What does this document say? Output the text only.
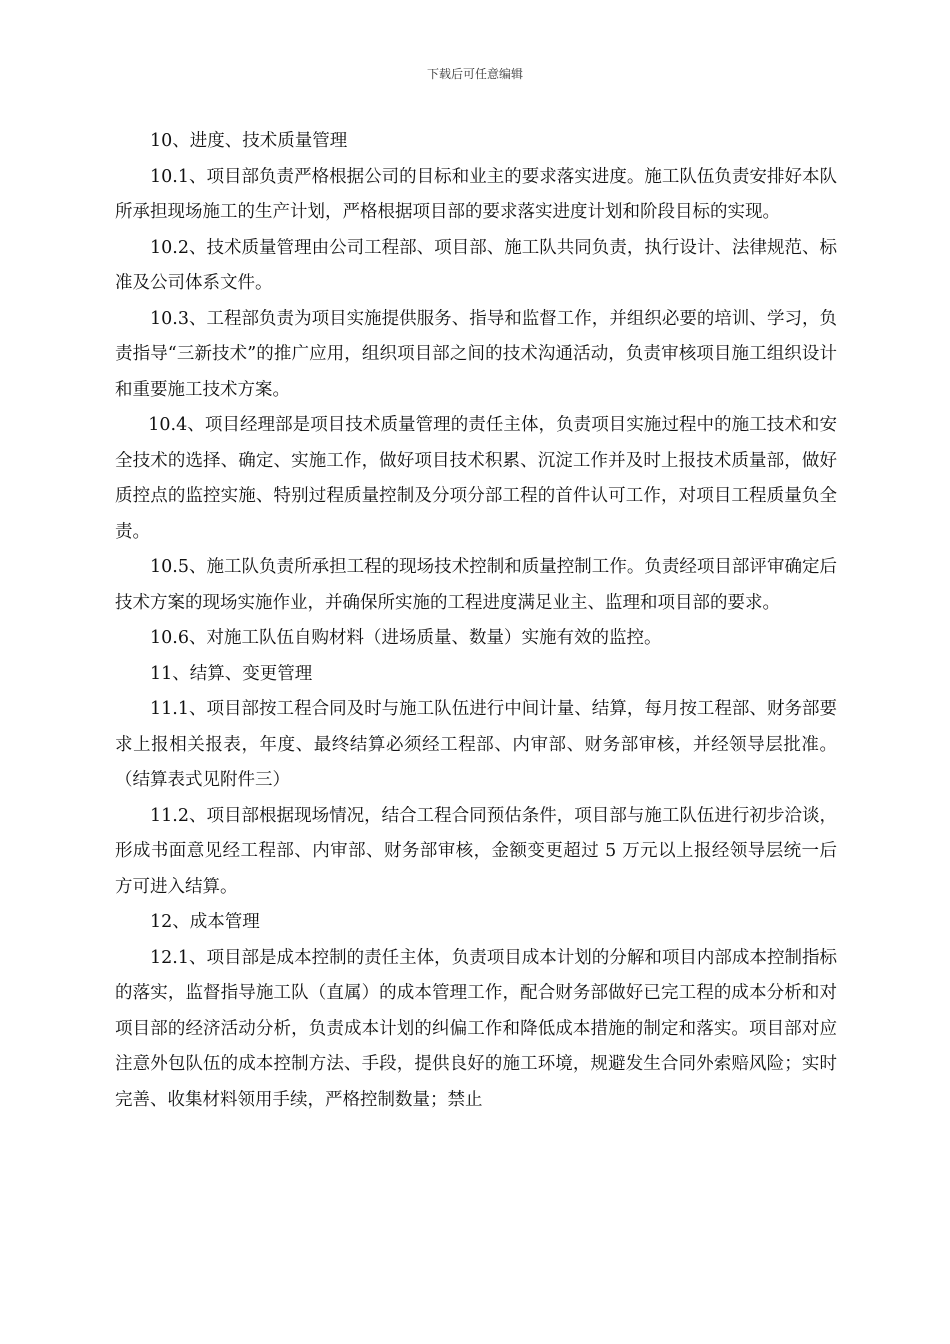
下载后可任意编辑

10、进度、技术质量管理

10.1、项目部负责严格根据公司的目标和业主的要求落实进度。施工队伍负责安排好本队所承担现场施工的生产计划，严格根据项目部的要求落实进度计划和阶段目标的实现。

10.2、技术质量管理由公司工程部、项目部、施工队共同负责，执行设计、法律规范、标准及公司体系文件。

10.3、工程部负责为项目实施提供服务、指导和监督工作，并组织必要的培训、学习，负责指导“三新技术”的推广应用，组织项目部之间的技术沟通活动，负责审核项目施工组织设计和重要施工技术方案。

10.4、项目经理部是项目技术质量管理的责任主体，负责项目实施过程中的施工技术和安全技术的选择、确定、实施工作，做好项目技术积累、沉淀工作并及时上报技术质量部，做好质控点的监控实施、特别过程质量控制及分项分部工程的首件认可工作，对项目工程质量负全责。

10.5、施工队负责所承担工程的现场技术控制和质量控制工作。负责经项目部评审确定后技术方案的现场实施作业，并确保所实施的工程进度满足业主、监理和项目部的要求。

10.6、对施工队伍自购材料（进场质量、数量）实施有效的监控。

11、结算、变更管理

11.1、项目部按工程合同及时与施工队伍进行中间计量、结算，每月按工程部、财务部要求上报相关报表，年度、最终结算必须经工程部、内审部、财务部审核，并经领导层批准。（结算表式见附件三）

11.2、项目部根据现场情况，结合工程合同预估条件，项目部与施工队伍进行初步洽谈，形成书面意见经工程部、内审部、财务部审核，金额变更超过 5 万元以上报经领导层统一后方可进入结算。

12、成本管理

12.1、项目部是成本控制的责任主体，负责项目成本计划的分解和项目内部成本控制指标的落实，监督指导施工队（直属）的成本管理工作，配合财务部做好已完工程的成本分析和对项目部的经济活动分析，负责成本计划的纠偏工作和降低成本措施的制定和落实。项目部对应注意外包队伍的成本控制方法、手段，提供良好的施工环境，规避发生合同外索赔风险；实时完善、收集材料领用手续，严格控制数量；禁止
